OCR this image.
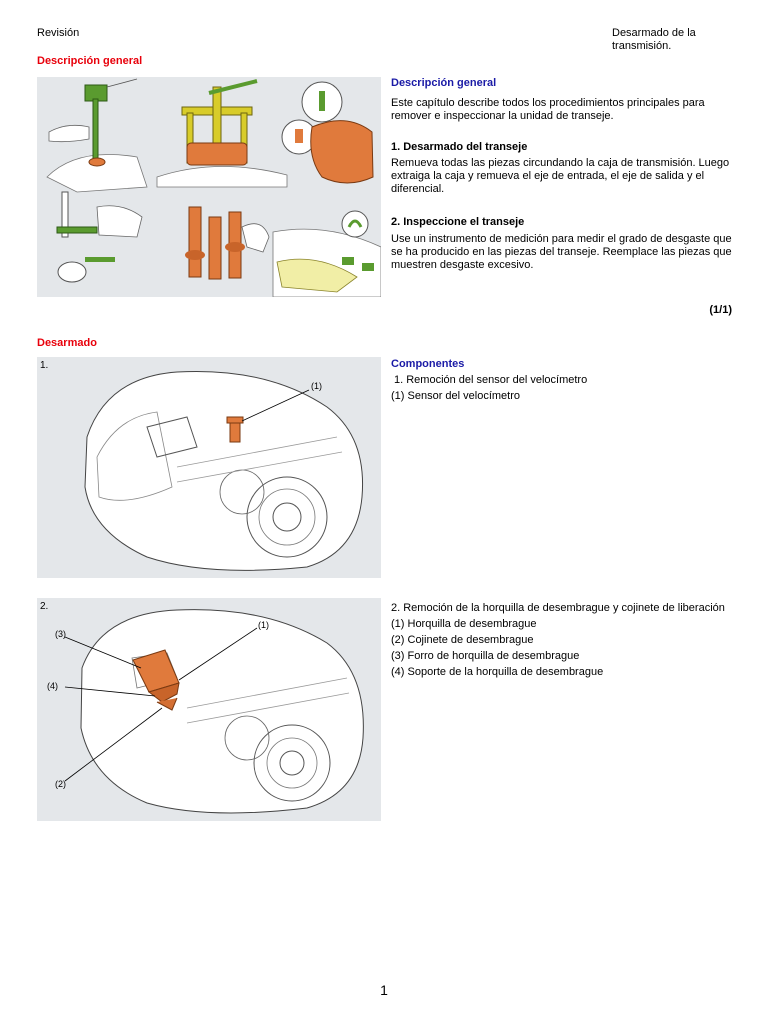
Revisión	Desarmado de la
transmisión.
Descripción general
Descripción general
Este capítulo describe todos los procedimientos principales para remover e inspeccionar la unidad de transeje.
1. Desarmado del transeje
Remueva todas las piezas circundando la caja de transmisión. Luego extraiga la caja y remueva el eje de entrada, el eje de salida y el diferencial.
2. Inspeccione el transeje
Use un instrumento de medición para medir el grado de desgaste que se ha producido en las piezas del transeje. Reemplace las piezas que muestren desgaste excesivo.
(1/1)
Desarmado
1.
(1)
Componentes
1. Remoción del sensor del velocímetro
(1) Sensor del velocímetro
2.
(1)
(2)
(3)
(4)
2. Remoción de la horquilla de desembrague y cojinete de liberación
(1) Horquilla de desembrague
(2) Cojinete de desembrague
(3) Forro de horquilla de desembrague
(4) Soporte de la horquilla de desembrague
1
